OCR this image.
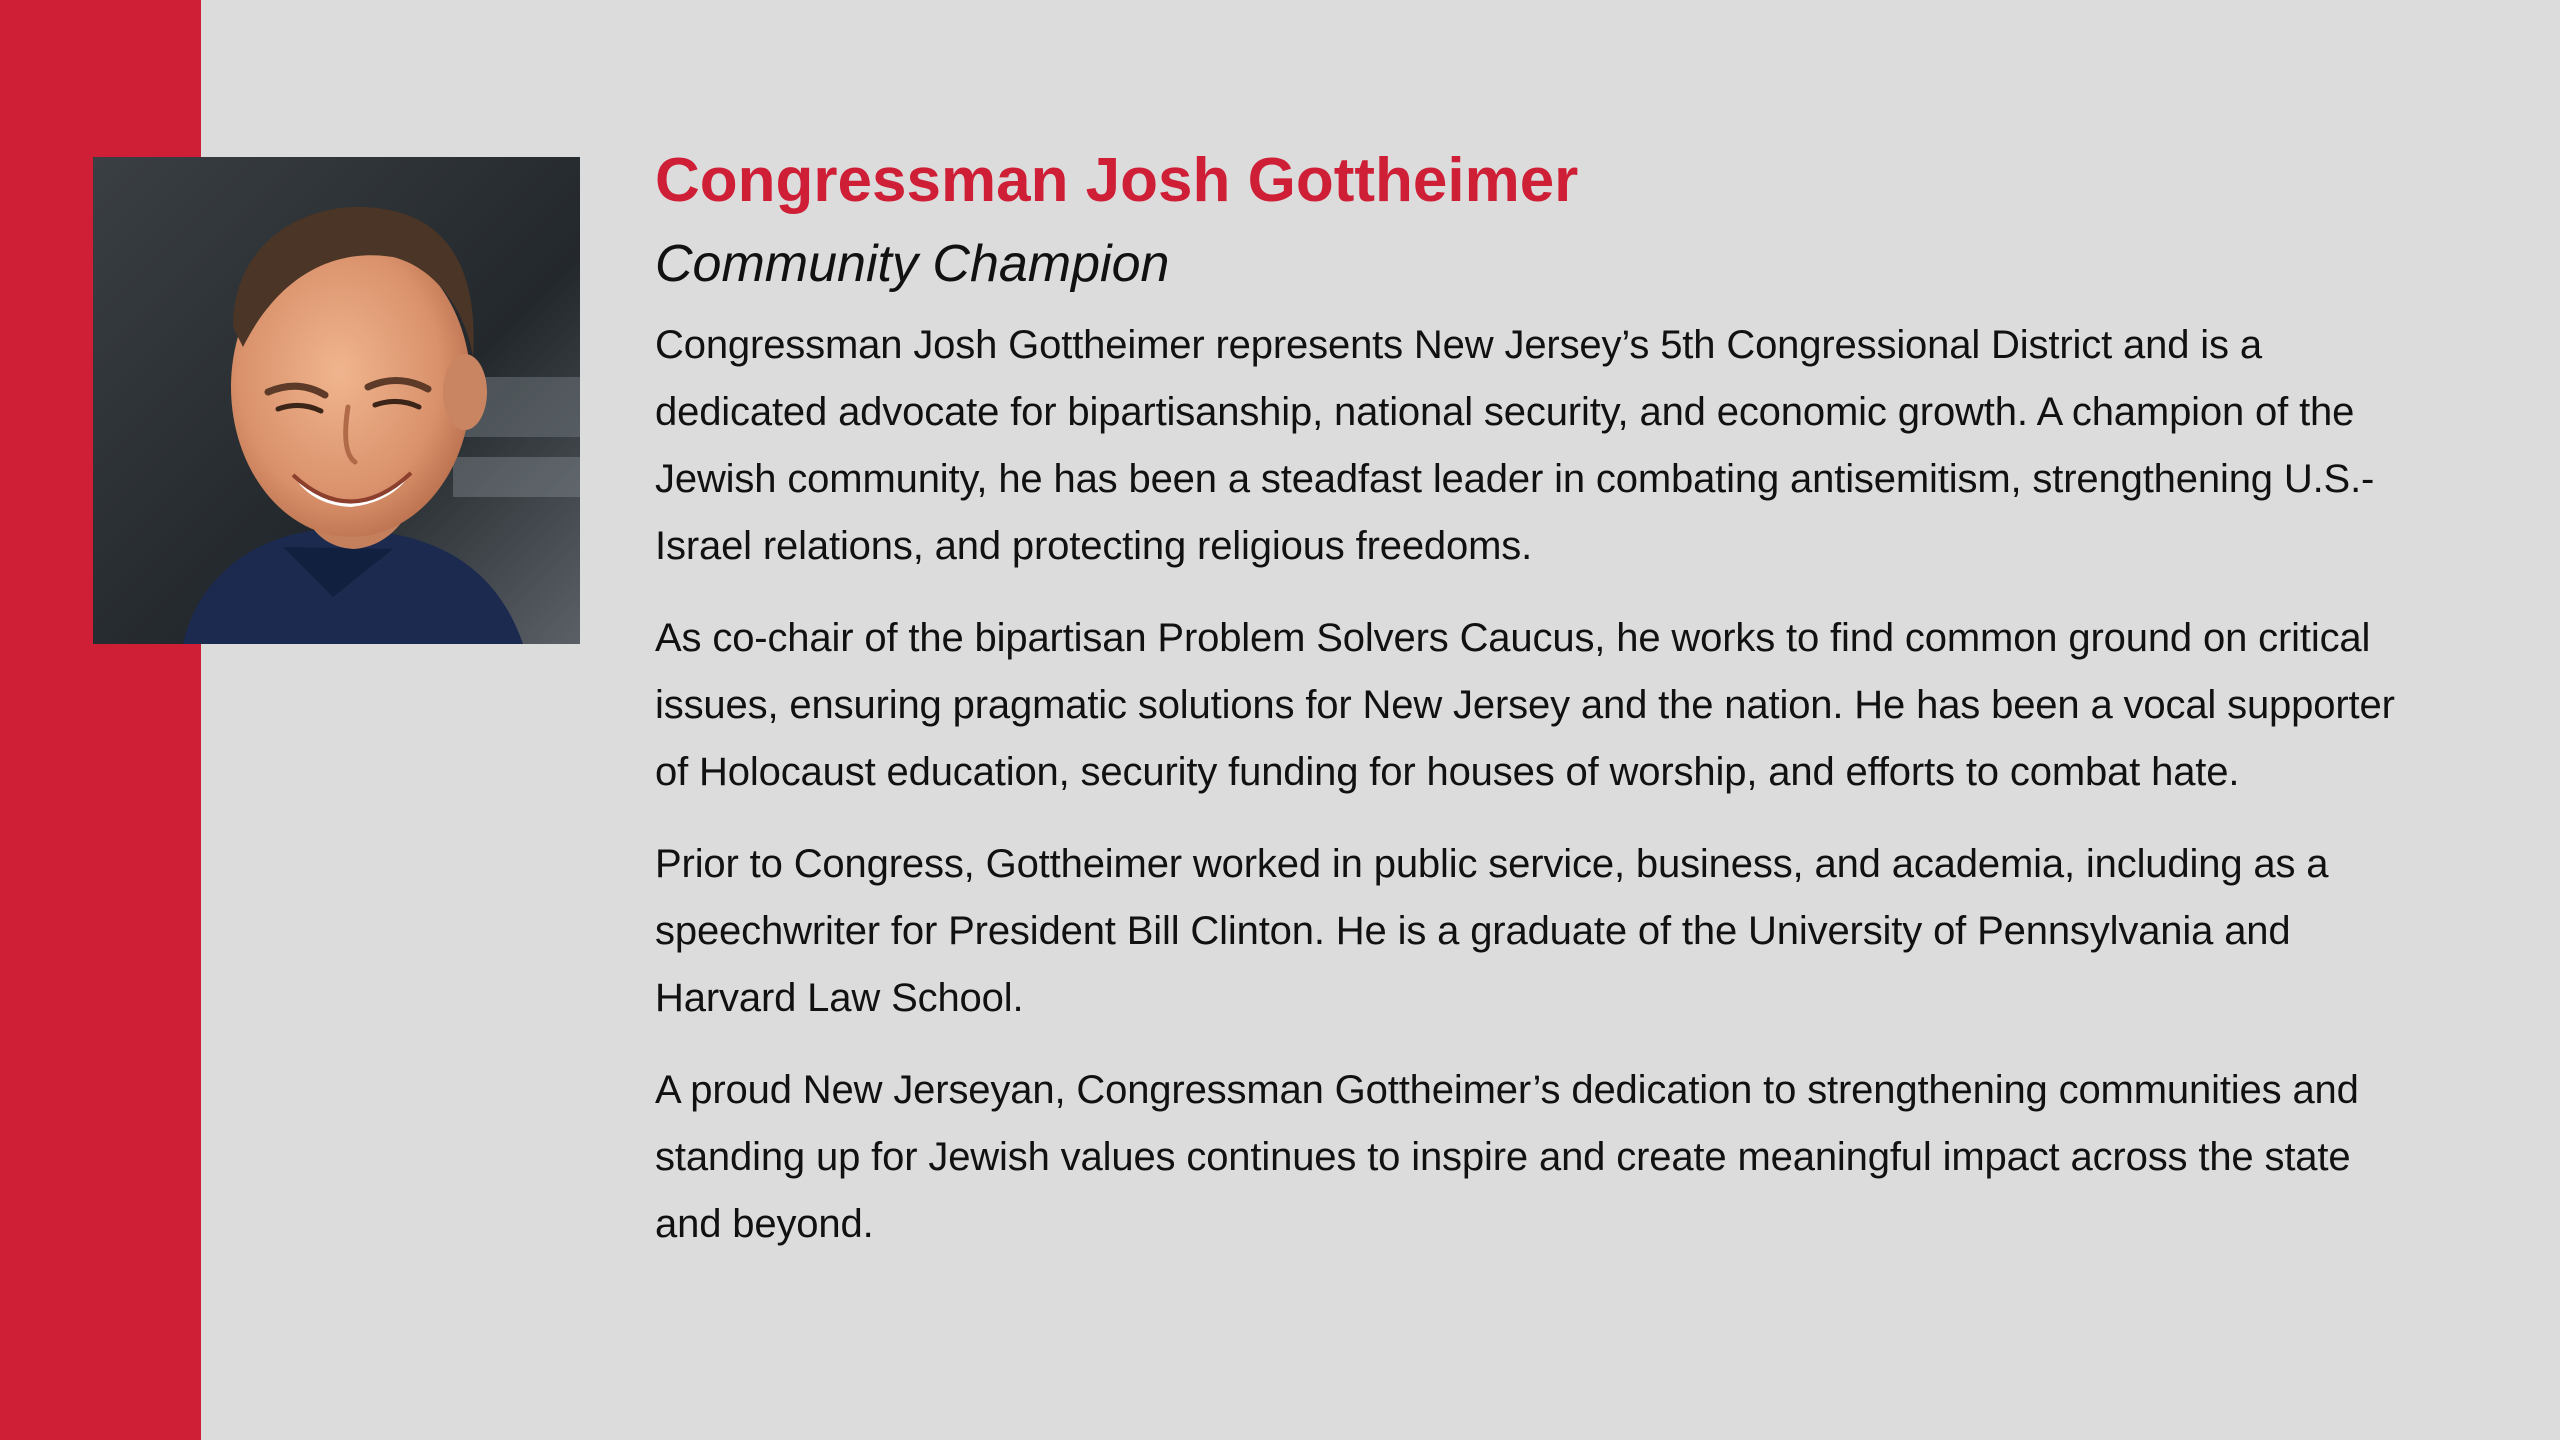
Congressman Josh Gottheimer
Community Champion

Congressman Josh Gottheimer represents New Jersey’s 5th Congressional District and is a dedicated advocate for bipartisanship, national security, and economic growth. A champion of the Jewish community, he has been a steadfast leader in combating antisemitism, strengthening U.S.-Israel relations, and protecting religious freedoms.

As co-chair of the bipartisan Problem Solvers Caucus, he works to find common ground on critical issues, ensuring pragmatic solutions for New Jersey and the nation. He has been a vocal supporter of Holocaust education, security funding for houses of worship, and efforts to combat hate.

Prior to Congress, Gottheimer worked in public service, business, and academia, including as a speechwriter for President Bill Clinton. He is a graduate of the University of Pennsylvania and Harvard Law School.

A proud New Jerseyan, Congressman Gottheimer’s dedication to strengthening communities and standing up for Jewish values continues to inspire and create meaningful impact across the state and beyond.
